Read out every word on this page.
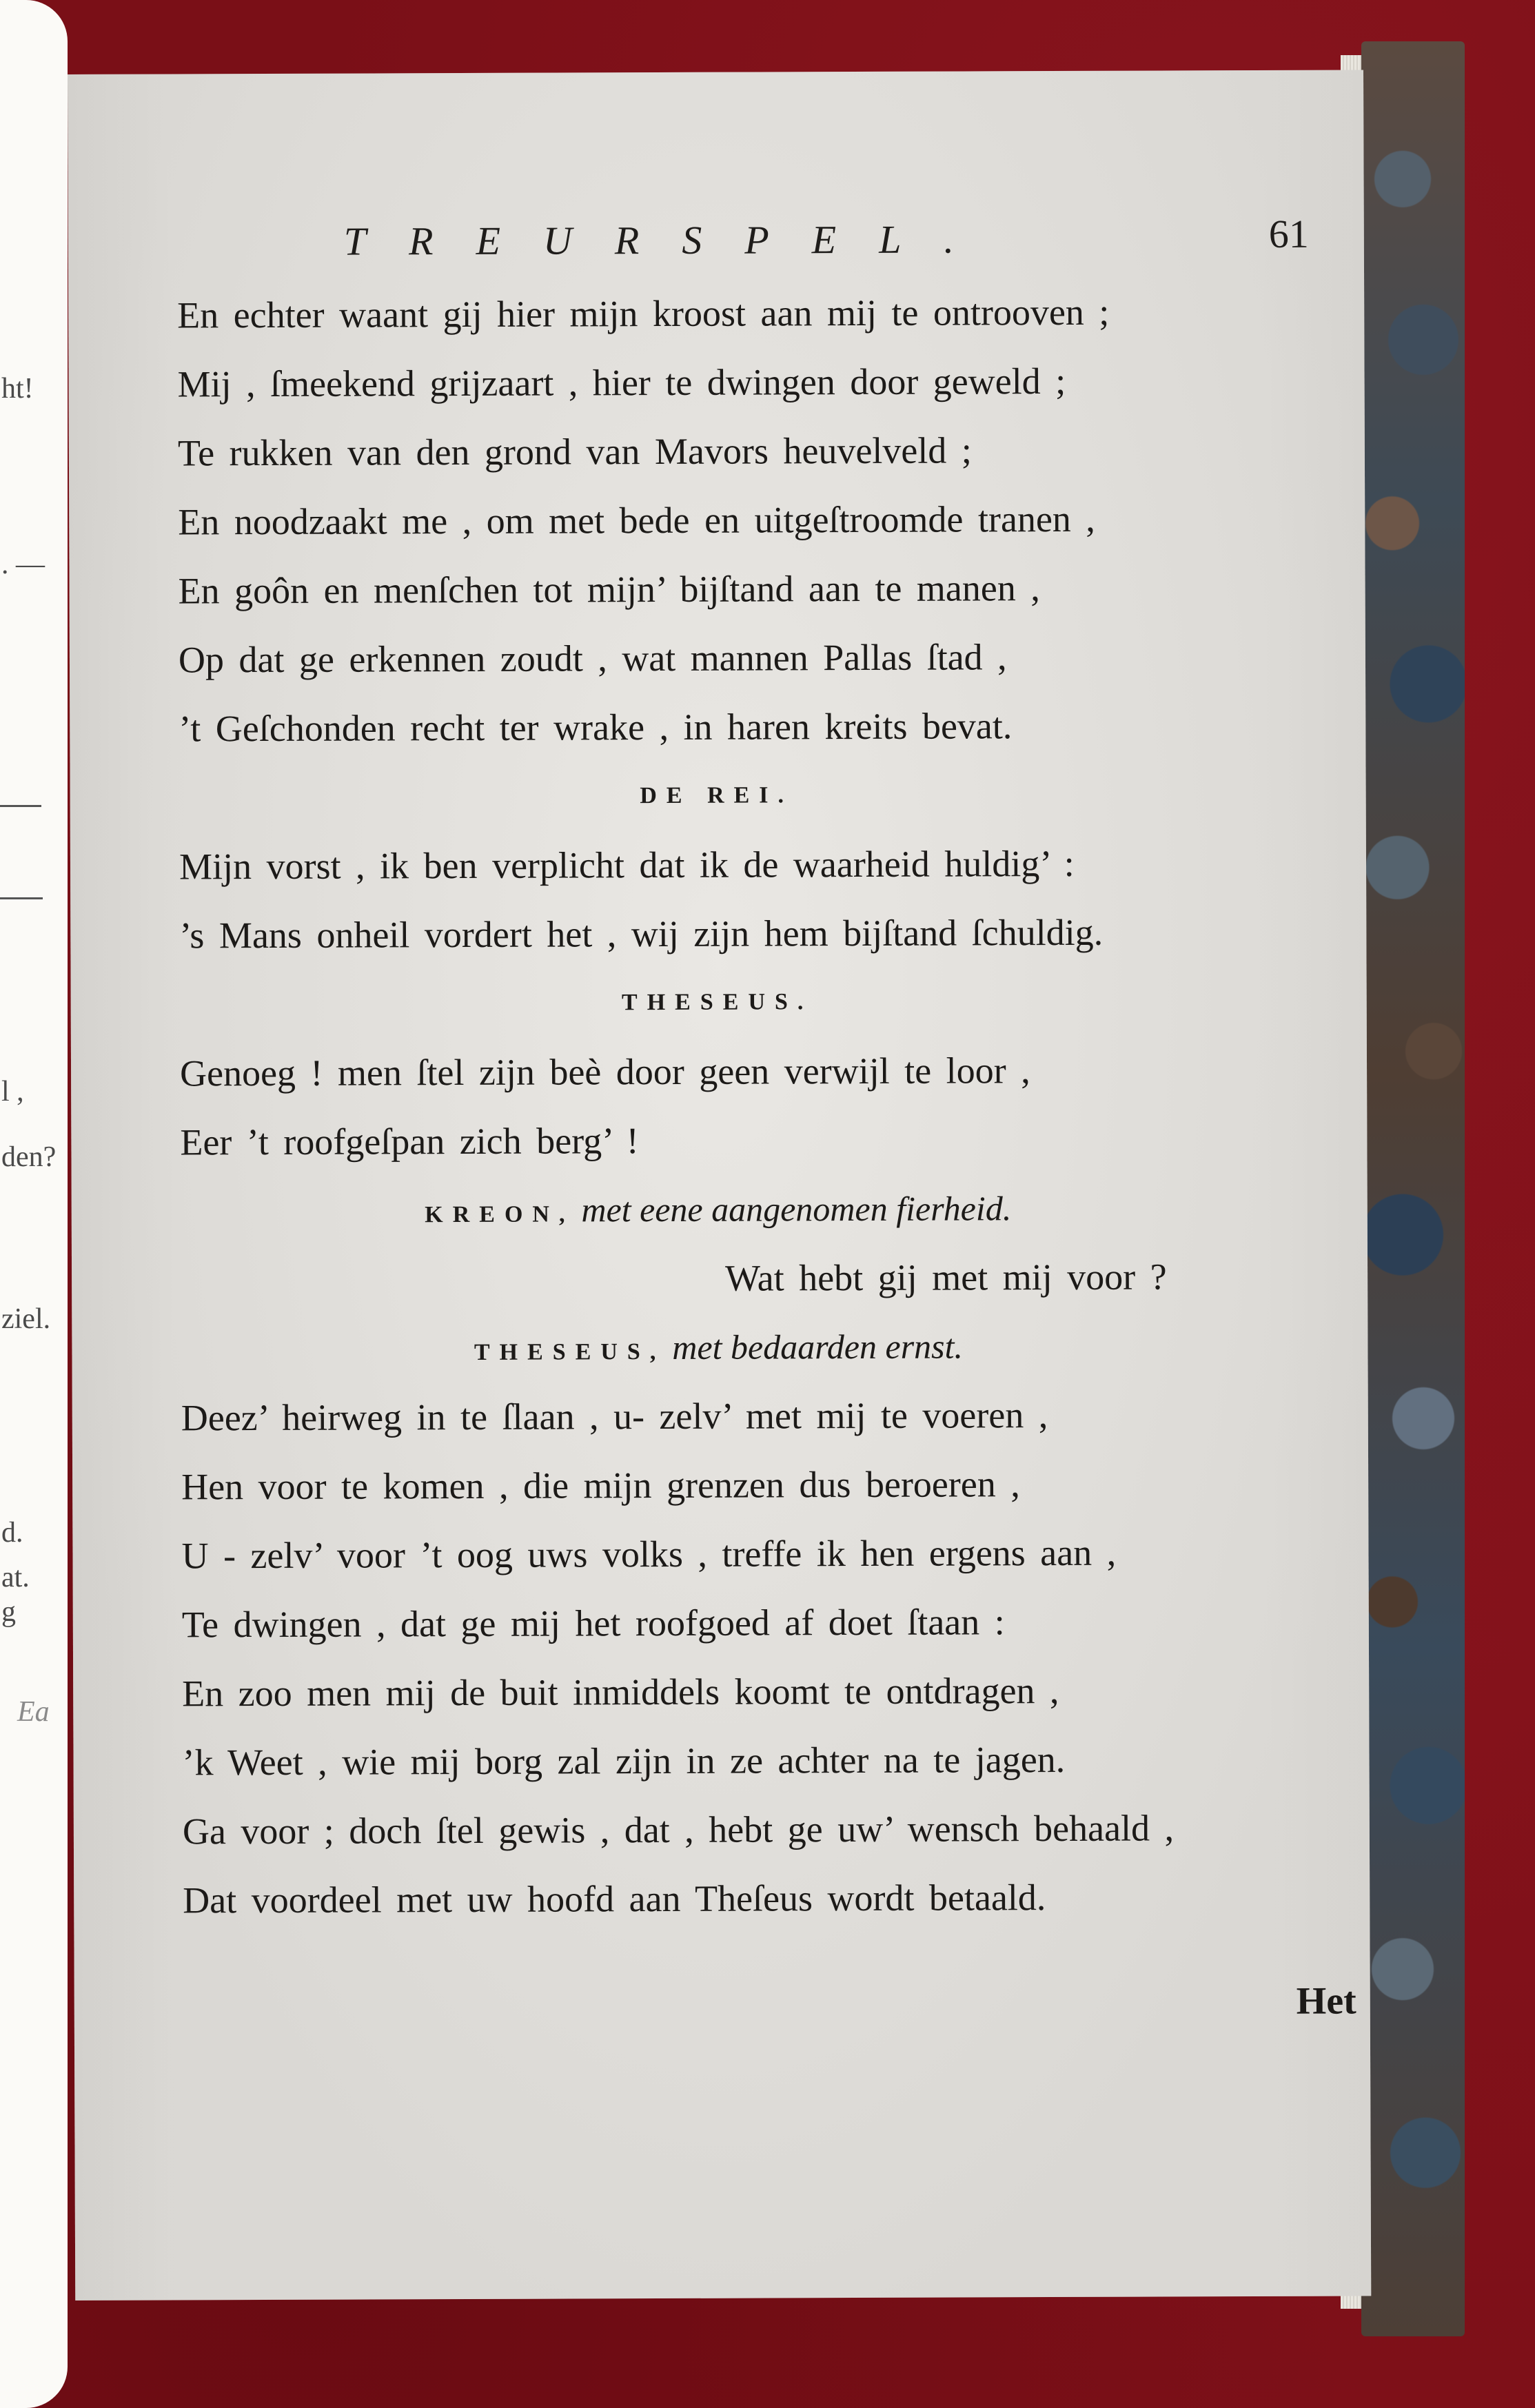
ht!
. —
l ,
den?
ziel.
d.
at.
g
Ea
TREURSPEL.	61
En echter waant gij hier mijn kroost aan mij te ontrooven ;
Mij , ſmeekend grijzaart , hier te dwingen door geweld ;
Te rukken van den grond van Mavors heuvelveld ;
En noodzaakt me , om met bede en uitgeſtroomde tranen ,
En goôn en menſchen tot mijn’ bijſtand aan te manen ,
Op dat ge erkennen zoudt , wat mannen Pallas ſtad ,
’t Geſchonden recht ter wrake , in haren kreits bevat.
DE REI.
Mijn vorst , ik ben verplicht dat ik de waarheid huldig’ :
’s Mans onheil vordert het , wij zijn hem bijſtand ſchuldig.
THESEUS.
Genoeg ! men ſtel zijn beè door geen verwijl te loor ,
Eer ’t roofgeſpan zich berg’ !
KREON, met eene aangenomen fierheid.
Wat hebt gij met mij voor ?
THESEUS, met bedaarden ernst.
Deez’ heirweg in te ſlaan , u- zelv’ met mij te voeren ,
Hen voor te komen , die mijn grenzen dus beroeren ,
U - zelv’ voor ’t oog uws volks , treffe ik hen ergens aan ,
Te dwingen , dat ge mij het roofgoed af doet ſtaan :
En zoo men mij de buit inmiddels koomt te ontdragen ,
’k Weet , wie mij borg zal zijn in ze achter na te jagen.
Ga voor ; doch ſtel gewis , dat , hebt ge uw’ wensch behaald ,
Dat voordeel met uw hoofd aan Theſeus wordt betaald.
Het
